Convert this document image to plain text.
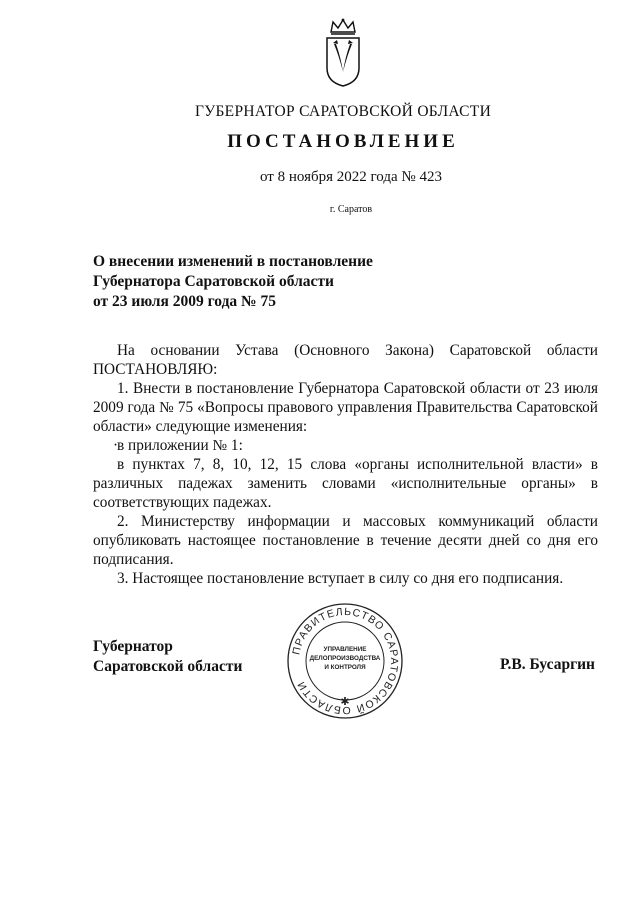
ГУБЕРНАТОР САРАТОВСКОЙ ОБЛАСТИ
ПОСТАНОВЛЕНИЕ
от 8 ноября 2022 года № 423
г. Саратов
О внесении изменений в постановление
Губернатора Саратовской области
от 23 июля 2009 года № 75

На основании Устава (Основного Закона) Саратовской области ПОСТАНОВЛЯЮ:

1. Внести в постановление Губернатора Саратовской области от 23 июля 2009 года № 75 «Вопросы правового управления Правительства Саратовской области» следующие изменения:

·
в приложении № 1:

в пунктах 7, 8, 10, 12, 15 слова «органы исполнительной власти» в различных падежах заменить словами «исполнительные органы» в соответствующих падежах.

2. Министерству информации и массовых коммуникаций области опубликовать настоящее постановление в течение десяти дней со дня его подписания.

3. Настоящее постановление вступает в силу со дня его подписания.

Губернатор
Саратовской области	Р.В. Бусаргин
ПРАВИТЕЛЬСТВО САРАТОВСКОЙ ОБЛАСТИ
✱
УПРАВЛЕНИЕ
ДЕЛОПРОИЗВОДСТВА
И КОНТРОЛЯ
